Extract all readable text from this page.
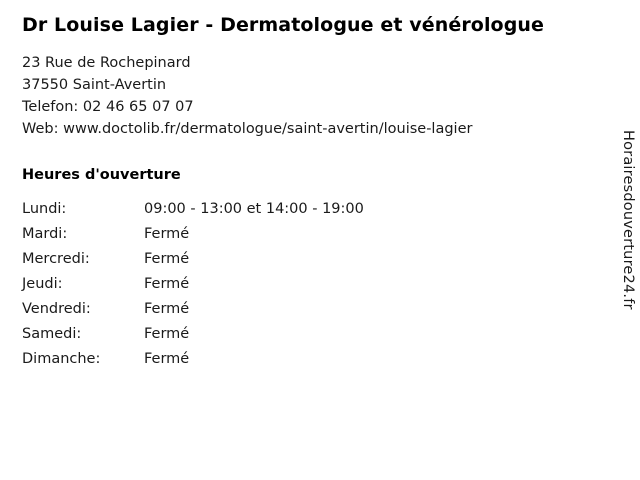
Dr Louise Lagier - Dermatologue et vénérologue

23 Rue de Rochepinard

37550 Saint-Avertin

Telefon: 02 46 65 07 07

Web: www.doctolib.fr/dermatologue/saint-avertin/louise-lagier

Heures d'ouverture
Lundi:	09:00 - 13:00 et 14:00 - 19:00
Mardi:	Fermé
Mercredi:	Fermé
Jeudi:	Fermé
Vendredi:	Fermé
Samedi:	Fermé
Dimanche:	Fermé
Horairesdouverture24.fr
